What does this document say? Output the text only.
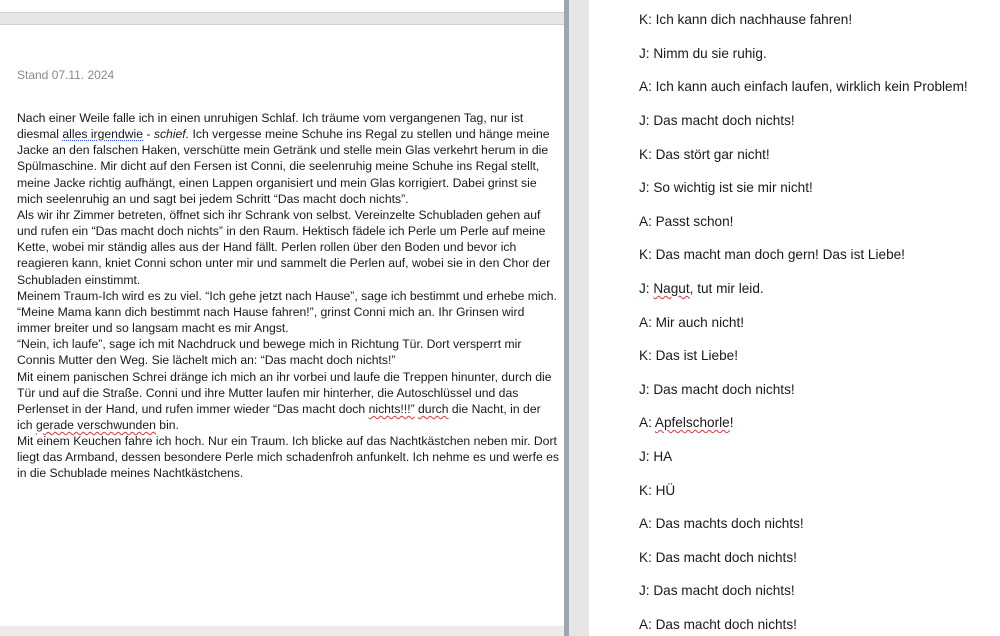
Stand 07.11. 2024

Nach einer Weile falle ich in einen unruhigen Schlaf. Ich träume vom vergangenen Tag, nur ist diesmal alles irgendwie - schief. Ich vergesse meine Schuhe ins Regal zu stellen und hänge meine Jacke an den falschen Haken, verschütte mein Getränk und stelle mein Glas verkehrt herum in die Spülmaschine. Mir dicht auf den Fersen ist Conni, die seelenruhig meine Schuhe ins Regal stellt, meine Jacke richtig aufhängt, einen Lappen organisiert und mein Glas korrigiert. Dabei grinst sie mich seelenruhig an und sagt bei jedem Schritt “Das macht doch nichts”.

Als wir ihr Zimmer betreten, öffnet sich ihr Schrank von selbst. Vereinzelte Schubladen gehen auf und rufen ein “Das macht doch nichts” in den Raum. Hektisch fädele ich Perle um Perle auf meine Kette, wobei mir ständig alles aus der Hand fällt. Perlen rollen über den Boden und bevor ich reagieren kann, kniet Conni schon unter mir und sammelt die Perlen auf, wobei sie in den Chor der Schubladen einstimmt.

Meinem Traum-Ich wird es zu viel. “Ich gehe jetzt nach Hause”, sage ich bestimmt und erhebe mich.

“Meine Mama kann dich bestimmt nach Hause fahren!”, grinst Conni mich an. Ihr Grinsen wird immer breiter und so langsam macht es mir Angst.

“Nein, ich laufe”, sage ich mit Nachdruck und bewege mich in Richtung Tür. Dort versperrt mir Connis Mutter den Weg. Sie lächelt mich an: “Das macht doch nichts!”

Mit einem panischen Schrei dränge ich mich an ihr vorbei und laufe die Treppen hinunter, durch die Tür und auf die Straße. Conni und ihre Mutter laufen mir hinterher, die Autoschlüssel und das Perlenset in der Hand, und rufen immer wieder “Das macht doch nichts!!!” durch die Nacht, in der ich gerade verschwunden bin.

Mit einem Keuchen fahre ich hoch. Nur ein Traum. Ich blicke auf das Nachtkästchen neben mir. Dort liegt das Armband, dessen besondere Perle mich schadenfroh anfunkelt. Ich nehme es und werfe es in die Schublade meines Nachtkästchens.

K: Ich kann dich nachhause fahren!
J: Nimm du sie ruhig.
A: Ich kann auch einfach laufen, wirklich kein Problem!
J: Das macht doch nichts!
K: Das stört gar nicht!
J: So wichtig ist sie mir nicht!
A: Passt schon!
K: Das macht man doch gern! Das ist Liebe!
J: Nagut, tut mir leid.
A: Mir auch nicht!
K: Das ist Liebe!
J: Das macht doch nichts!
A: Apfelschorle!
J: HA
K: HÜ
A: Das machts doch nichts!
K: Das macht doch nichts!
J: Das macht doch nichts!
A: Das macht doch nichts!
